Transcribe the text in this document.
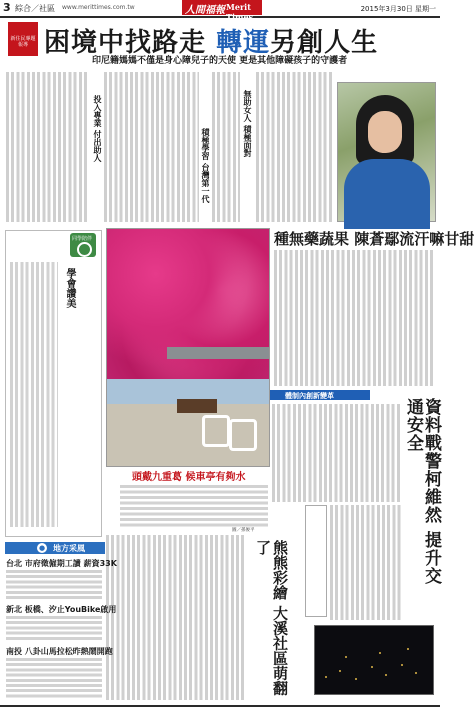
3 綜合／社區 www.merittimes.com.tw	人間福報 Merit Times
2015年3月30日 星期一
新住民專題報導 困境中找路走 轉運另創人生
印尼籍媽媽不僅是身心障兒子的天使 更是其他障礙孩子的守護者
投入專業 付出助人	無助女人 積極面對
積極學習 台灣第一代
同學陪伴
學會讚美
頭戴九重葛 候車亭有夠水
圖／孫俊平
熊熊彩繪 大溪社區萌翻了
種無藥蔬果 陳蒼鄢流汗嘛甘甜
體制內創新變革
資料戰警柯維然 提升交通安全
● 地方采風
台北 市府徵僱期工讀 薪資33K
新北 板橋、汐止YouBike啟用
南投 八卦山馬拉松昨熱鬧開跑
